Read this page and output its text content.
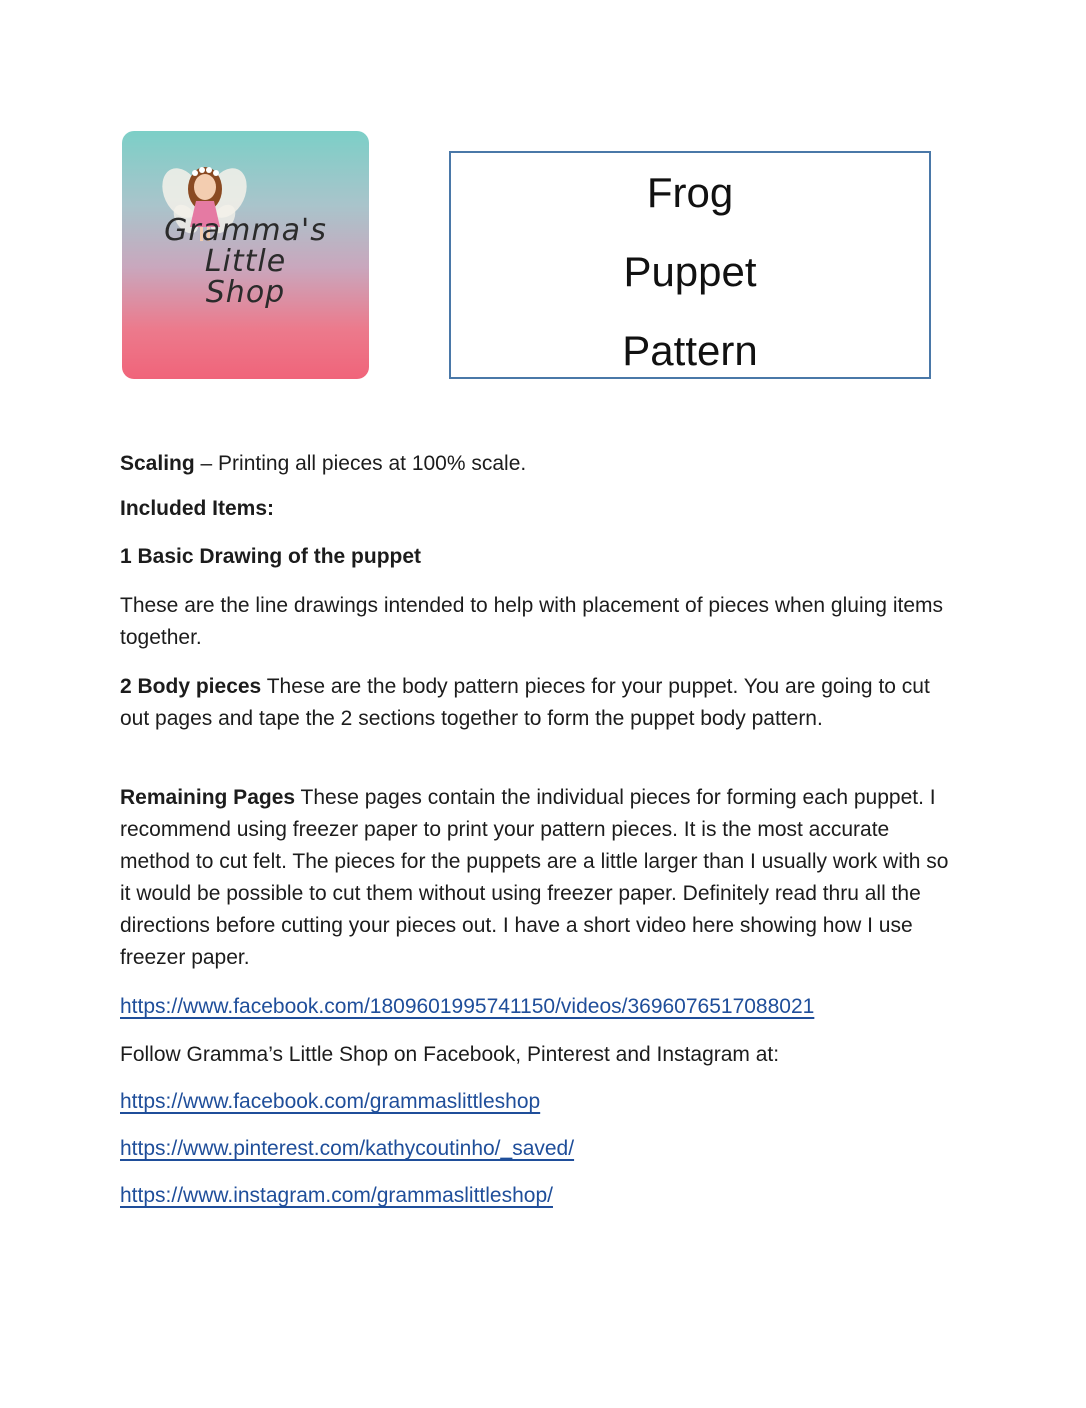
Gramma's
Little
Shop
Frog
Puppet
Pattern

Scaling – Printing all pieces at 100% scale.

Included Items:

1 Basic Drawing of the puppet

These are the line drawings intended to help with placement of pieces when gluing items together.

2 Body pieces These are the body pattern pieces for your puppet. You are going to cut out pages and tape the 2 sections together to form the puppet body pattern.

Remaining Pages These pages contain the individual pieces for forming each puppet. I recommend using freezer paper to print your pattern pieces. It is the most accurate method to cut felt. The pieces for the puppets are a little larger than I usually work with so it would be possible to cut them without using freezer paper. Definitely read thru all the directions before cutting your pieces out. I have a short video here showing how I use freezer paper.

https://www.facebook.com/1809601995741150/videos/3696076517088021

Follow Gramma’s Little Shop on Facebook, Pinterest and Instagram at:

https://www.facebook.com/grammaslittleshop

https://www.pinterest.com/kathycoutinho/_saved/

https://www.instagram.com/grammaslittleshop/
